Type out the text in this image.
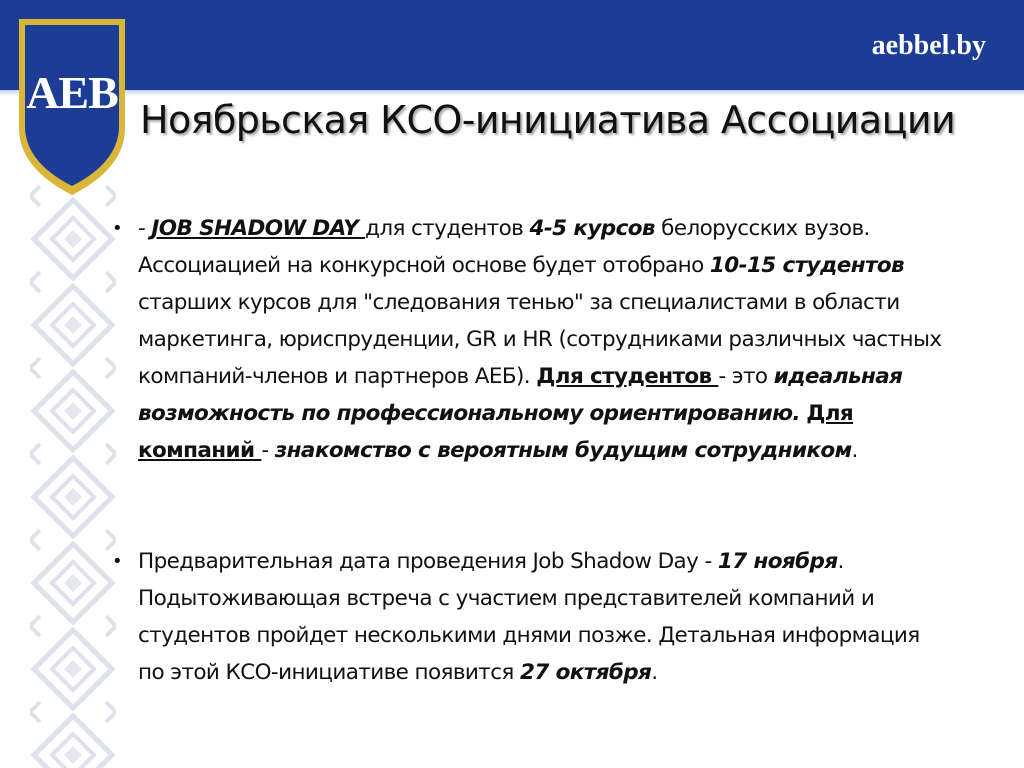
AEB
aebbel.by
Ноябрьская КСО-инициатива Ассоциации
• - JOB SHADOW DAY для студентов 4-5 курсов белорусских вузов. Ассоциацией на конкурсной основе будет отобрано 10-15 студентов старших курсов для "следования тенью" за специалистами в области маркетинга, юриспруденции, GR и HR (сотрудниками различных частных компаний-членов и партнеров АЕБ). Для студентов - это идеальная возможность по профессиональному ориентированию. Для компаний - знакомство с вероятным будущим сотрудником.
• Предварительная дата проведения Job Shadow Day - 17 ноября. Подытоживающая встреча с участием представителей компаний и студентов пройдет несколькими днями позже. Детальная информация по этой КСО-инициативе появится 27 октября.
